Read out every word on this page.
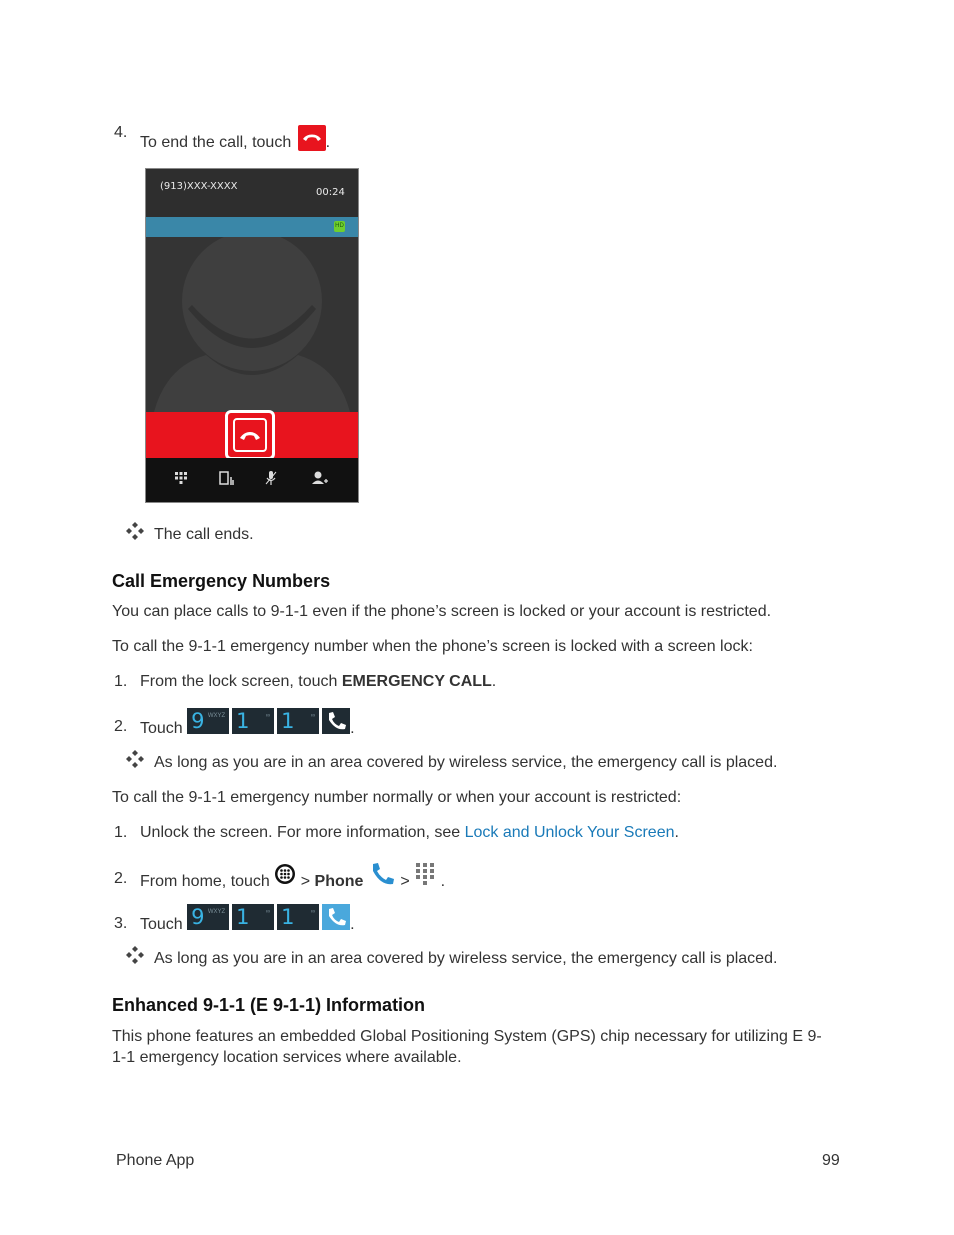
4.
To end the call, touch .
(913)XXX-XXXX
00:24
HD
The call ends.
Call Emergency Numbers
You can place calls to 9-1-1 even if the phone’s screen is locked or your account is restricted.
To call the 9-1-1 emergency number when the phone’s screen is locked with a screen lock:
1. From the lock screen, touch EMERGENCY CALL.
2. Touch 9 WXYZ 1	∞ 1	∞
.
As long as you are in an area covered by wireless service, the emergency call is placed.
To call the 9-1-1 emergency number normally or when your account is restricted:
1. Unlock the screen. For more information, see Lock and Unlock Your Screen.
2. From home, touch > Phone > .
3. Touch 9 WXYZ 1	∞ 1	∞
.
As long as you are in an area covered by wireless service, the emergency call is placed.
Enhanced 9-1-1 (E 9-1-1) Information
This phone features an embedded Global Positioning System (GPS) chip necessary for utilizing E 9-
1-1 emergency location services where available.
Phone App	99
